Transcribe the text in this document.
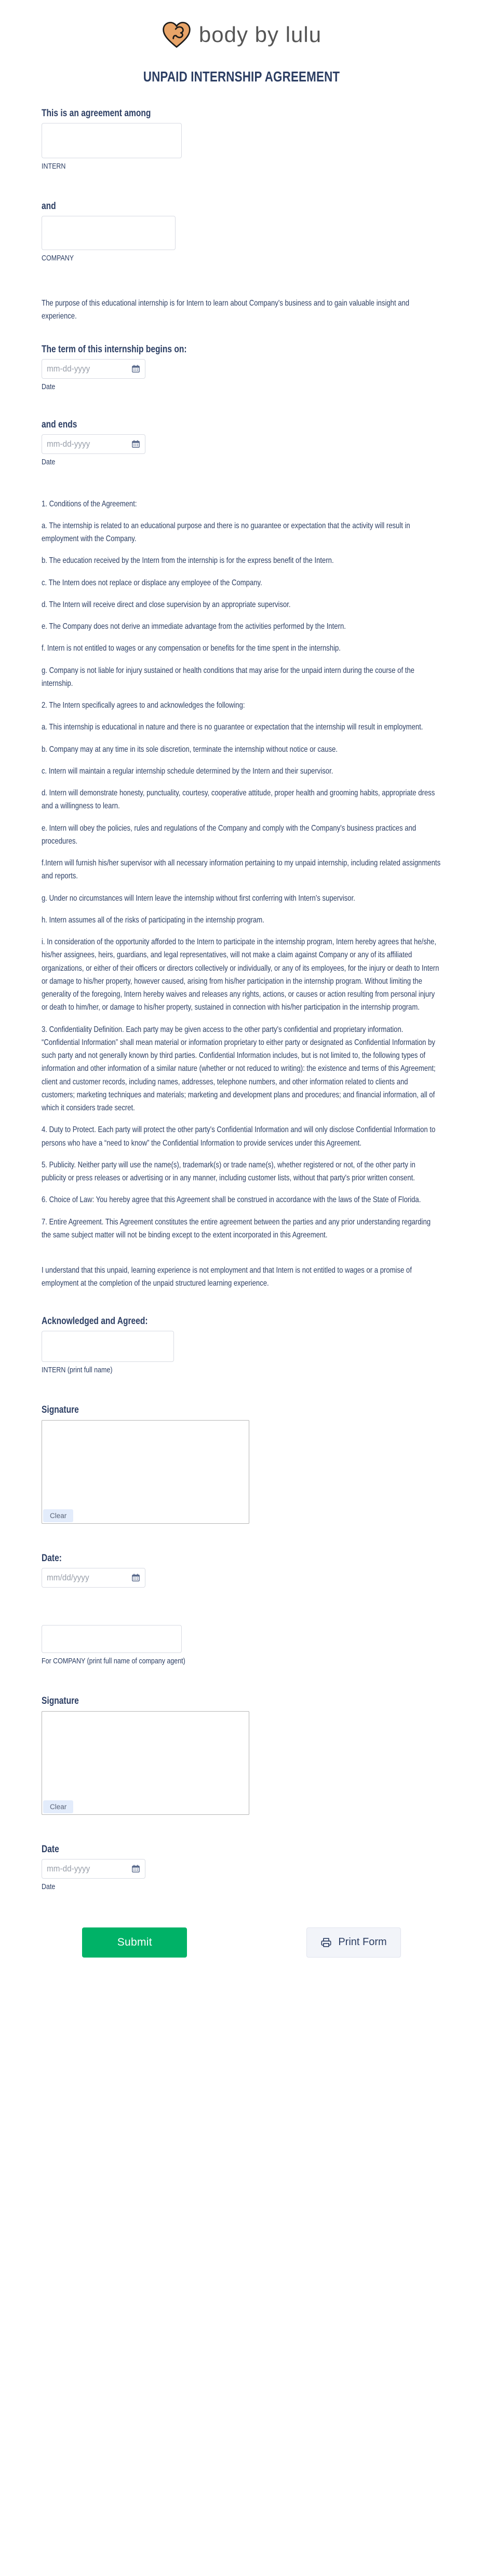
body by lulu
UNPAID INTERNSHIP AGREEMENT
This is an agreement among
INTERN
and
COMPANY

The purpose of this educational internship is for Intern to learn about Company's business and to gain valuable insight and experience.

The term of this internship begins on:
mm-dd-yyyy
Date
and ends
mm-dd-yyyy
Date

1. Conditions of the Agreement:

a. The internship is related to an educational purpose and there is no guarantee or expectation that the activity will result in employment with the Company.

b. The education received by the Intern from the internship is for the express benefit of the Intern.

c. The Intern does not replace or displace any employee of the Company.

d. The Intern will receive direct and close supervision by an appropriate supervisor.

e. The Company does not derive an immediate advantage from the activities performed by the Intern.

f. Intern is not entitled to wages or any compensation or benefits for the time spent in the internship.

g. Company is not liable for injury sustained or health conditions that may arise for the unpaid intern during the course of the internship.

2. The Intern specifically agrees to and acknowledges the following:

a. This internship is educational in nature and there is no guarantee or expectation that the internship will result in employment.

b. Company may at any time in its sole discretion, terminate the internship without notice or cause.

c. Intern will maintain a regular internship schedule determined by the Intern and their supervisor.

d. Intern will demonstrate honesty, punctuality, courtesy, cooperative attitude, proper health and grooming habits, appropriate dress and a willingness to learn.

e. Intern will obey the policies, rules and regulations of the Company and comply with the Company's business practices and procedures.

f.Intern will furnish his/her supervisor with all necessary information pertaining to my unpaid internship, including related assignments and reports.

g. Under no circumstances will Intern leave the internship without first conferring with Intern's supervisor.

h. Intern assumes all of the risks of participating in the internship program.

i. In consideration of the opportunity afforded to the Intern to participate in the internship program, Intern hereby agrees that he/she, his/her assignees, heirs, guardians, and legal representatives, will not make a claim against Company or any of its affiliated organizations, or either of their officers or directors collectively or individually, or any of its employees, for the injury or death to Intern or damage to his/her property, however caused, arising from his/her participation in the internship program. Without limiting the generality of the foregoing, Intern hereby waives and releases any rights, actions, or causes or action resulting from personal injury or death to him/her, or damage to his/her property, sustained in connection with his/her participation in the internship program.

3. Confidentiality Definition. Each party may be given access to the other party's confidential and proprietary information. “Confidential Information” shall mean material or information proprietary to either party or designated as Confidential Information by such party and not generally known by third parties. Confidential Information includes, but is not limited to, the following types of information and other information of a similar nature (whether or not reduced to writing): the existence and terms of this Agreement; client and customer records, including names, addresses, telephone numbers, and other information related to clients and customers; marketing techniques and materials; marketing and development plans and procedures; and financial information, all of which it considers trade secret.

4. Duty to Protect. Each party will protect the other party's Confidential Information and will only disclose Confidential Information to persons who have a “need to know” the Confidential Information to provide services under this Agreement.

5. Publicity. Neither party will use the name(s), trademark(s) or trade name(s), whether registered or not, of the other party in publicity or press releases or advertising or in any manner, including customer lists, without that party's prior written consent.

6. Choice of Law: You hereby agree that this Agreement shall be construed in accordance with the laws of the State of Florida.

7. Entire Agreement. This Agreement constitutes the entire agreement between the parties and any prior understanding regarding the same subject matter will not be binding except to the extent incorporated in this Agreement.

I understand that this unpaid, learning experience is not employment and that Intern is not entitled to wages or a promise of employment at the completion of the unpaid structured learning experience.

Acknowledged and Agreed:
INTERN (print full name)
Signature
Clear
Date:
mm/dd/yyyy
For COMPANY (print full name of company agent)
Signature
Clear
Date
mm-dd-yyyy
Date
Submit	Print Form
